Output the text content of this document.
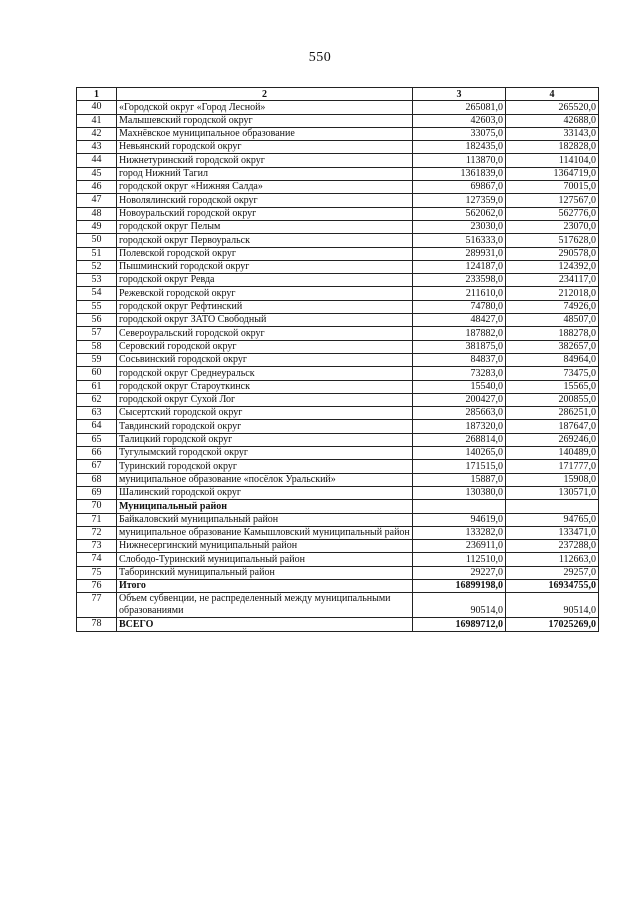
550
1	2	3	4
40	«Городской округ «Город Лесной»	265081,0	265520,0
41	Малышевский городской округ	42603,0	42688,0
42	Махнёвское муниципальное образование	33075,0	33143,0
43	Невьянский городской округ	182435,0	182828,0
44	Нижнетуринский городской округ	113870,0	114104,0
45	город Нижний Тагил	1361839,0	1364719,0
46	городской округ «Нижняя Салда»	69867,0	70015,0
47	Новолялинский городской округ	127359,0	127567,0
48	Новоуральский городской округ	562062,0	562776,0
49	городской округ Пелым	23030,0	23070,0
50	городской округ Первоуральск	516333,0	517628,0
51	Полевской городской округ	289931,0	290578,0
52	Пышминский городской округ	124187,0	124392,0
53	городской округ Ревда	233598,0	234117,0
54	Режевской городской округ	211610,0	212018,0
55	городской округ Рефтинский	74780,0	74926,0
56	городской округ ЗАТО Свободный	48427,0	48507,0
57	Североуральский городской округ	187882,0	188278,0
58	Серовский городской округ	381875,0	382657,0
59	Сосьвинский городской округ	84837,0	84964,0
60	городской округ Среднеуральск	73283,0	73475,0
61	городской округ Староуткинск	15540,0	15565,0
62	городской округ Сухой Лог	200427,0	200855,0
63	Сысертский городской округ	285663,0	286251,0
64	Тавдинский городской округ	187320,0	187647,0
65	Талицкий городской округ	268814,0	269246,0
66	Тугулымский городской округ	140265,0	140489,0
67	Туринский городской округ	171515,0	171777,0
68	муниципальное образование «посёлок Уральский»	15887,0	15908,0
69	Шалинский городской округ	130380,0	130571,0
70	Муниципальный район		
71	Байкаловский муниципальный район	94619,0	94765,0
72	муниципальное образование Камышловский муниципальный район	133282,0	133471,0
73	Нижнесергинский муниципальный район	236911,0	237288,0
74	Слободо-Туринский муниципальный район	112510,0	112663,0
75	Таборинский муниципальный район	29227,0	29257,0
76	Итого	16899198,0	16934755,0
77	Объем субвенции, не распределенный между муниципальными образованиями	90514,0	90514,0
78	ВСЕГО	16989712,0	17025269,0
